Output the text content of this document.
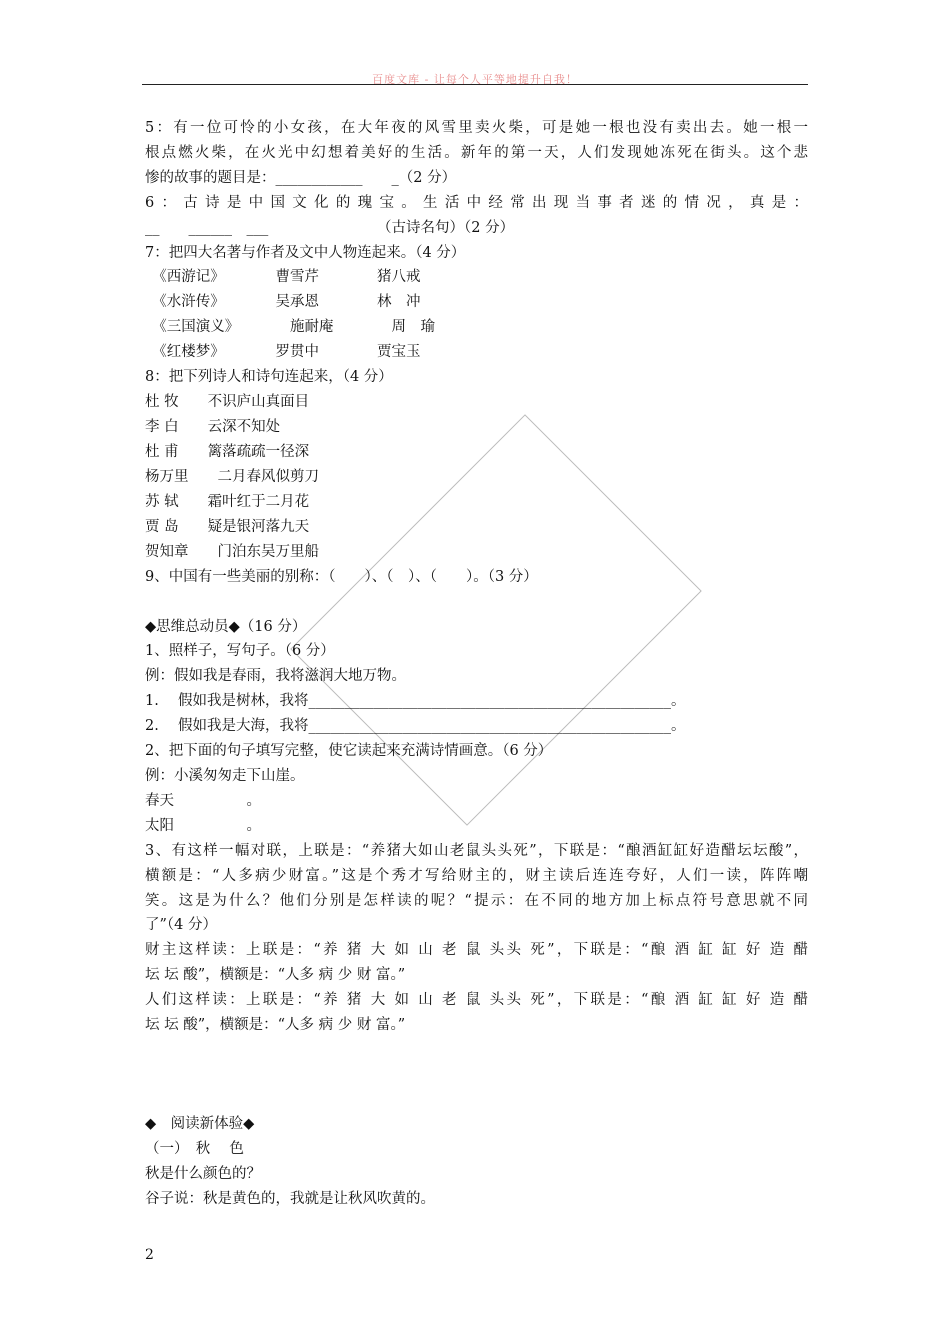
百度文库 - 让每个人平等地提升自我！
5：有一位可怜的小女孩，在大年夜的风雪里卖火柴，可是她一根也没有卖出去。她一根一
根点燃火柴，在火光中幻想着美好的生活。新年的第一天，人们发现她冻死在街头。这个悲
惨的故事的题目是：____________　　_（2 分）
6：古诗是中国文化的瑰宝。生活中经常出现当事者迷的情况，真是：
__　　______　___　　　　　　　　（古诗名句）（2 分）
7：把四大名著与作者及文中人物连起来。（4 分）
　《西游记》　　　　曹雪芹　　　　猪八戒
　《水浒传》　　　　吴承恩　　　　林　冲
　《三国演义》　　　　施耐庵　　　　周　瑜
　《红楼梦》　　　　罗贯中　　　　贾宝玉
8：把下列诗人和诗句连起来，（4 分）
杜 牧　　不识庐山真面目
李 白　　云深不知处
杜 甫　　篱落疏疏一径深
杨万里　　二月春风似剪刀
苏 轼　　霜叶红于二月花
贾 岛　　疑是银河落九天
贺知章　　门泊东吴万里船
9、中国有一些美丽的别称：（　　）、（　）、（　　）。（3 分）
◆思维总动员◆（16 分）
1、照样子，写句子。（6 分）
例：假如我是春雨，我将滋润大地万物。
1.　 假如我是树林，我将__________________________________________________。
2.　 假如我是大海，我将__________________________________________________。
2、把下面的句子填写完整，使它读起来充满诗情画意。（6 分）
例：小溪匆匆走下山崖。
春天　　　　　。
太阳　　　　　。
3、有这样一幅对联，上联是：“养猪大如山老鼠头头死”，下联是：“酿酒缸缸好造醋坛坛酸”，
横额是：“人多病少财富。”这是个秀才写给财主的，财主读后连连夸好，人们一读，阵阵嘲
笑。这是为什么？他们分别是怎样读的呢？“提示：在不同的地方加上标点符号意思就不同
了”（4 分）
财主这样读：上联是：“养 猪 大 如 山 老 鼠 头头 死”，下联是：“酿 酒 缸 缸 好 造 醋
坛 坛 酸”，横额是：“人多 病 少 财 富。”
人们这样读：上联是：“养 猪 大 如 山 老 鼠 头头 死”，下联是：“酿 酒 缸 缸 好 造 醋
坛 坛 酸”，横额是：“人多 病 少 财 富。”
◆　阅读新体验◆
（一）　秋　 色
秋是什么颜色的？
谷子说：秋是黄色的，我就是让秋风吹黄的。
2
